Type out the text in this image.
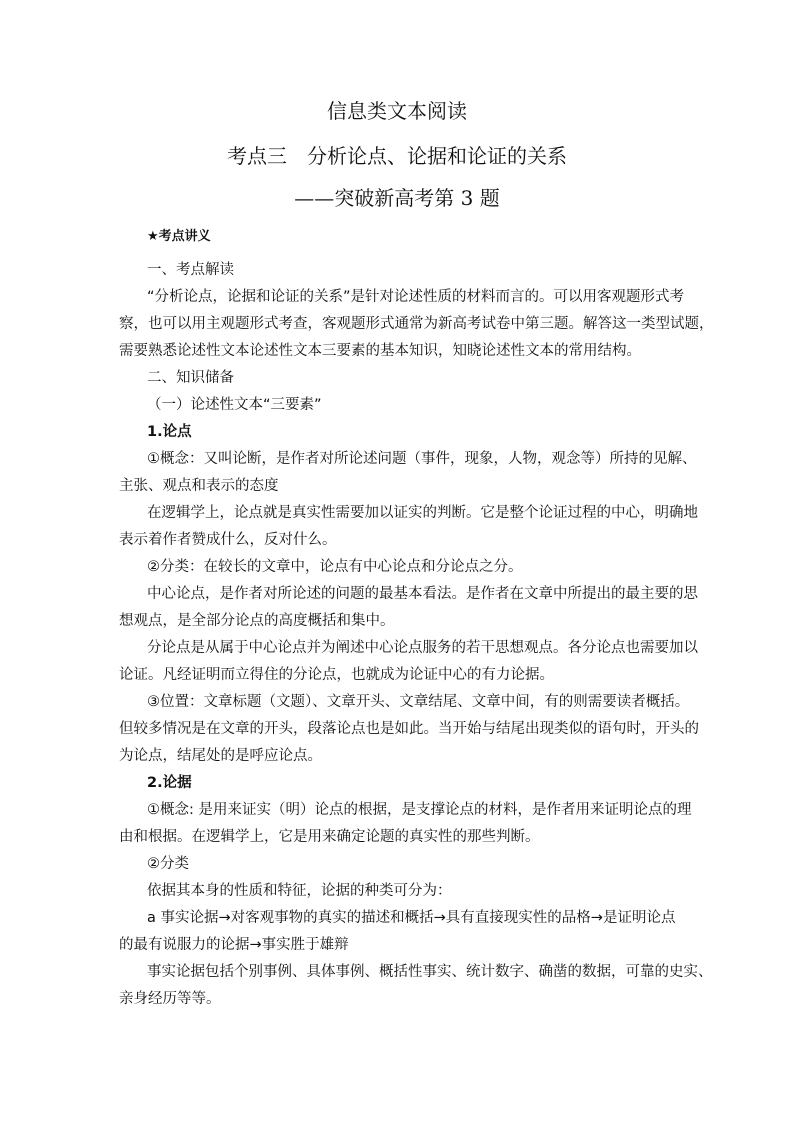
信息类文本阅读
考点三　分析论点、论据和论证的关系
——突破新高考第 3 题
★考点讲义
一、考点解读
“分析论点，论据和论证的关系”是针对论述性质的材料而言的。可以用客观题形式考
察，也可以用主观题形式考查，客观题形式通常为新高考试卷中第三题。解答这一类型试题，
需要熟悉论述性文本论述性文本三要素的基本知识，知晓论述性文本的常用结构。
二、知识储备
（一）论述性文本“三要素”
1.论点
①概念：又叫论断，是作者对所论述问题（事件，现象，人物，观念等）所持的见解、
主张、观点和表示的态度
在逻辑学上，论点就是真实性需要加以证实的判断。它是整个论证过程的中心，明确地
表示着作者赞成什么，反对什么。
②分类：在较长的文章中，论点有中心论点和分论点之分。
中心论点，是作者对所论述的问题的最基本看法。是作者在文章中所提出的最主要的思
想观点，是全部分论点的高度概括和集中。
分论点是从属于中心论点并为阐述中心论点服务的若干思想观点。各分论点也需要加以
论证。凡经证明而立得住的分论点，也就成为论证中心的有力论据。
③位置：文章标题（文题）、文章开头、文章结尾、文章中间，有的则需要读者概括。
但较多情况是在文章的开头，段落论点也是如此。当开始与结尾出现类似的语句时，开头的
为论点，结尾处的是呼应论点。
2.论据
①概念: 是用来证实（明）论点的根据，是支撑论点的材料，是作者用来证明论点的理
由和根据。在逻辑学上，它是用来确定论题的真实性的那些判断。
②分类
依据其本身的性质和特征，论据的种类可分为：
a 事实论据→对客观事物的真实的描述和概括→具有直接现实性的品格→是证明论点
的最有说服力的论据→事实胜于雄辩
事实论据包括个别事例、具体事例、概括性事实、统计数字、确凿的数据，可靠的史实、
亲身经历等等。
